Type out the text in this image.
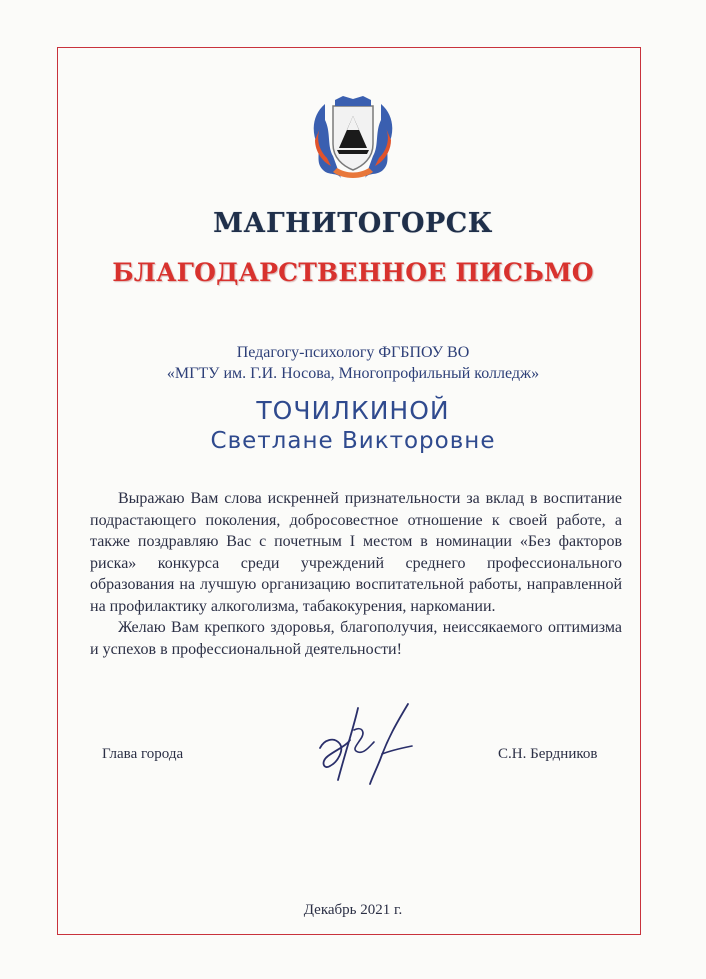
МАГНИТОГОРСК
БЛАГОДАРСТВЕННОЕ ПИСЬМО
Педагогу-психологу ФГБПОУ ВО
«МГТУ им. Г.И. Носова, Многопрофильный колледж»
ТОЧИЛКИНОЙ
Светлане Викторовне

Выражаю Вам слова искренней признательности за вклад в воспитание подрастающего поколения, добросовестное отношение к своей работе, а также поздравляю Вас с почетным I местом в номинации «Без факторов риска» конкурса среди учреждений среднего профессионального образования на лучшую организацию воспитательной работы, направленной на профилактику алкоголизма, табакокурения, наркомании.

Желаю Вам крепкого здоровья, благополучия, неиссякаемого оптимизма и успехов в профессиональной деятельности!

Глава города	С.Н. Бердников
Декабрь 2021 г.
